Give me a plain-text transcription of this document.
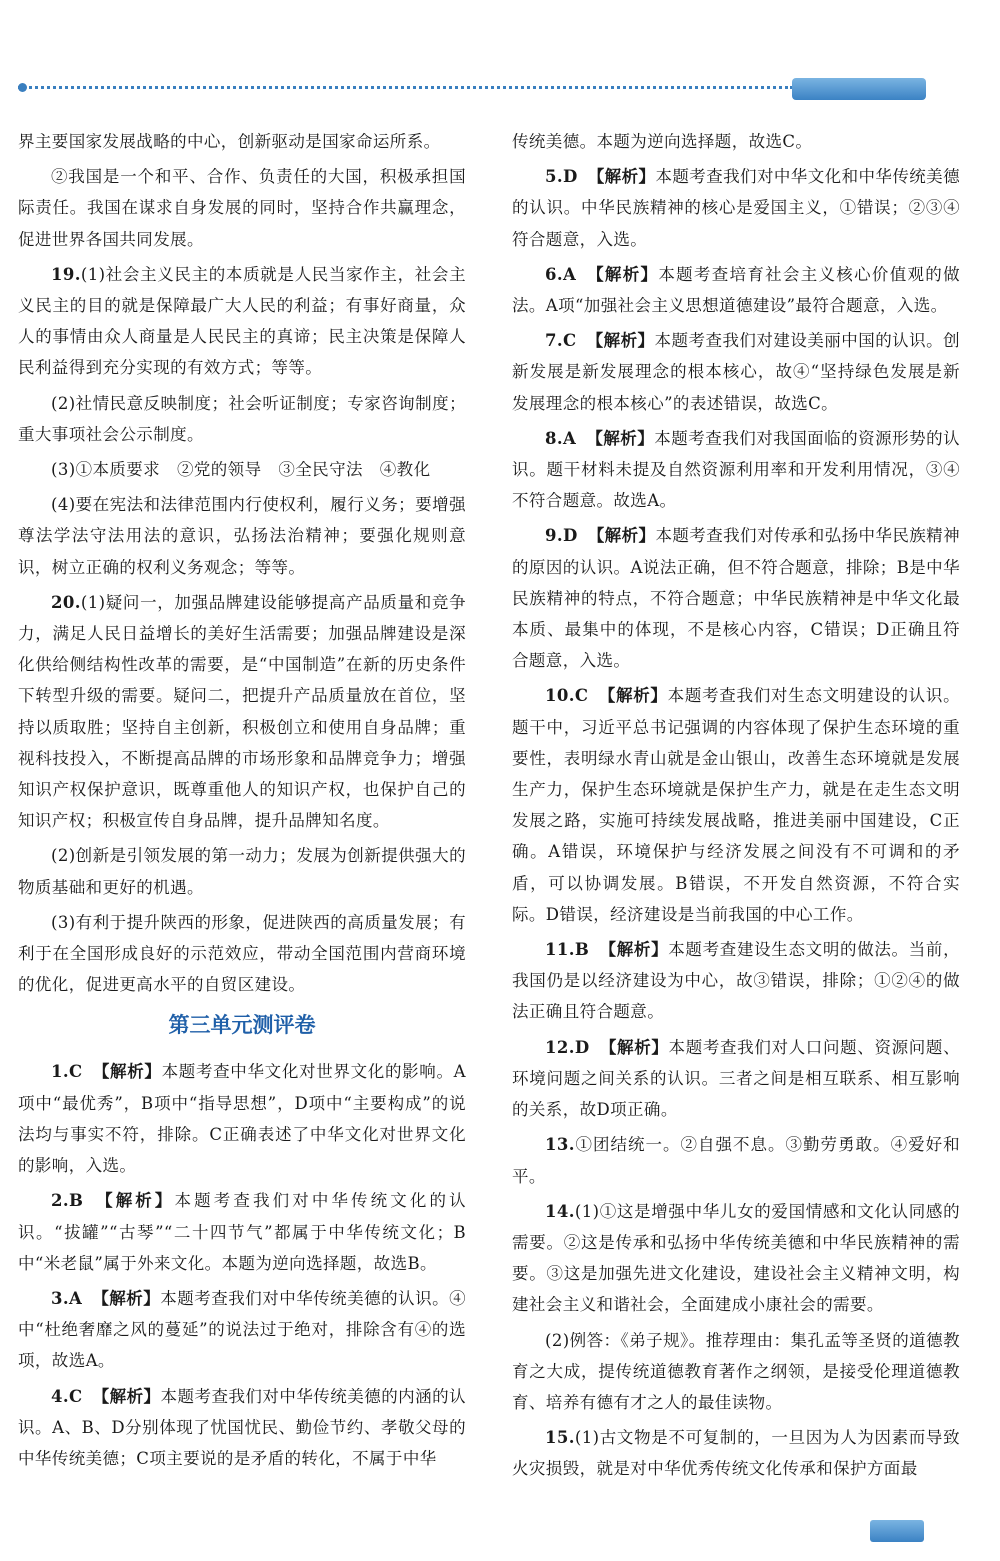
界主要国家发展战略的中心，创新驱动是国家命运所系。

②我国是一个和平、合作、负责任的大国，积极承担国际责任。我国在谋求自身发展的同时，坚持合作共赢理念，促进世界各国共同发展。

19.(1)社会主义民主的本质就是人民当家作主，社会主义民主的目的就是保障最广大人民的利益；有事好商量，众人的事情由众人商量是人民民主的真谛；民主决策是保障人民利益得到充分实现的有效方式；等等。

(2)社情民意反映制度；社会听证制度；专家咨询制度；重大事项社会公示制度。

(3)①本质要求　②党的领导　③全民守法　④教化

(4)要在宪法和法律范围内行使权利，履行义务；要增强尊法学法守法用法的意识，弘扬法治精神；要强化规则意识，树立正确的权利义务观念；等等。

20.(1)疑问一，加强品牌建设能够提高产品质量和竞争力，满足人民日益增长的美好生活需要；加强品牌建设是深化供给侧结构性改革的需要，是“中国制造”在新的历史条件下转型升级的需要。疑问二，把提升产品质量放在首位，坚持以质取胜；坚持自主创新，积极创立和使用自身品牌；重视科技投入，不断提高品牌的市场形象和品牌竞争力；增强知识产权保护意识，既尊重他人的知识产权，也保护自己的知识产权；积极宣传自身品牌，提升品牌知名度。

(2)创新是引领发展的第一动力；发展为创新提供强大的物质基础和更好的机遇。

(3)有利于提升陕西的形象，促进陕西的高质量发展；有利于在全国形成良好的示范效应，带动全国范围内营商环境的优化，促进更高水平的自贸区建设。

第三单元测评卷

1.C 【解析】本题考查中华文化对世界文化的影响。A项中“最优秀”，B项中“指导思想”，D项中“主要构成”的说法均与事实不符，排除。C正确表述了中华文化对世界文化的影响，入选。

2.B 【解析】本题考查我们对中华传统文化的认识。“拔罐”“古琴”“二十四节气”都属于中华传统文化；B中“米老鼠”属于外来文化。本题为逆向选择题，故选B。

3.A 【解析】本题考查我们对中华传统美德的认识。④中“杜绝奢靡之风的蔓延”的说法过于绝对，排除含有④的选项，故选A。

4.C 【解析】本题考查我们对中华传统美德的内涵的认识。A、B、D分别体现了忧国忧民、勤俭节约、孝敬父母的中华传统美德；C项主要说的是矛盾的转化，不属于中华

传统美德。本题为逆向选择题，故选C。

5.D 【解析】本题考查我们对中华文化和中华传统美德的认识。中华民族精神的核心是爱国主义，①错误；②③④符合题意，入选。

6.A 【解析】本题考查培育社会主义核心价值观的做法。A项“加强社会主义思想道德建设”最符合题意，入选。

7.C 【解析】本题考查我们对建设美丽中国的认识。创新发展是新发展理念的根本核心，故④“坚持绿色发展是新发展理念的根本核心”的表述错误，故选C。

8.A 【解析】本题考查我们对我国面临的资源形势的认识。题干材料未提及自然资源利用率和开发利用情况，③④不符合题意。故选A。

9.D 【解析】本题考查我们对传承和弘扬中华民族精神的原因的认识。A说法正确，但不符合题意，排除；B是中华民族精神的特点，不符合题意；中华民族精神是中华文化最本质、最集中的体现，不是核心内容，C错误；D正确且符合题意，入选。

10.C 【解析】本题考查我们对生态文明建设的认识。题干中，习近平总书记强调的内容体现了保护生态环境的重要性，表明绿水青山就是金山银山，改善生态环境就是发展生产力，保护生态环境就是保护生产力，就是在走生态文明发展之路，实施可持续发展战略，推进美丽中国建设，C正确。A错误，环境保护与经济发展之间没有不可调和的矛盾，可以协调发展。B错误，不开发自然资源，不符合实际。D错误，经济建设是当前我国的中心工作。

11.B 【解析】本题考查建设生态文明的做法。当前，我国仍是以经济建设为中心，故③错误，排除；①②④的做法正确且符合题意。

12.D 【解析】本题考查我们对人口问题、资源问题、环境问题之间关系的认识。三者之间是相互联系、相互影响的关系，故D项正确。

13.①团结统一。②自强不息。③勤劳勇敢。④爱好和平。

14.(1)①这是增强中华儿女的爱国情感和文化认同感的需要。②这是传承和弘扬中华传统美德和中华民族精神的需要。③这是加强先进文化建设，建设社会主义精神文明，构建社会主义和谐社会，全面建成小康社会的需要。

(2)例答：《弟子规》。推荐理由：集孔孟等圣贤的道德教育之大成，提传统道德教育著作之纲领，是接受伦理道德教育、培养有德有才之人的最佳读物。

15.(1)古文物是不可复制的，一旦因为人为因素而导致火灾损毁，就是对中华优秀传统文化传承和保护方面最
